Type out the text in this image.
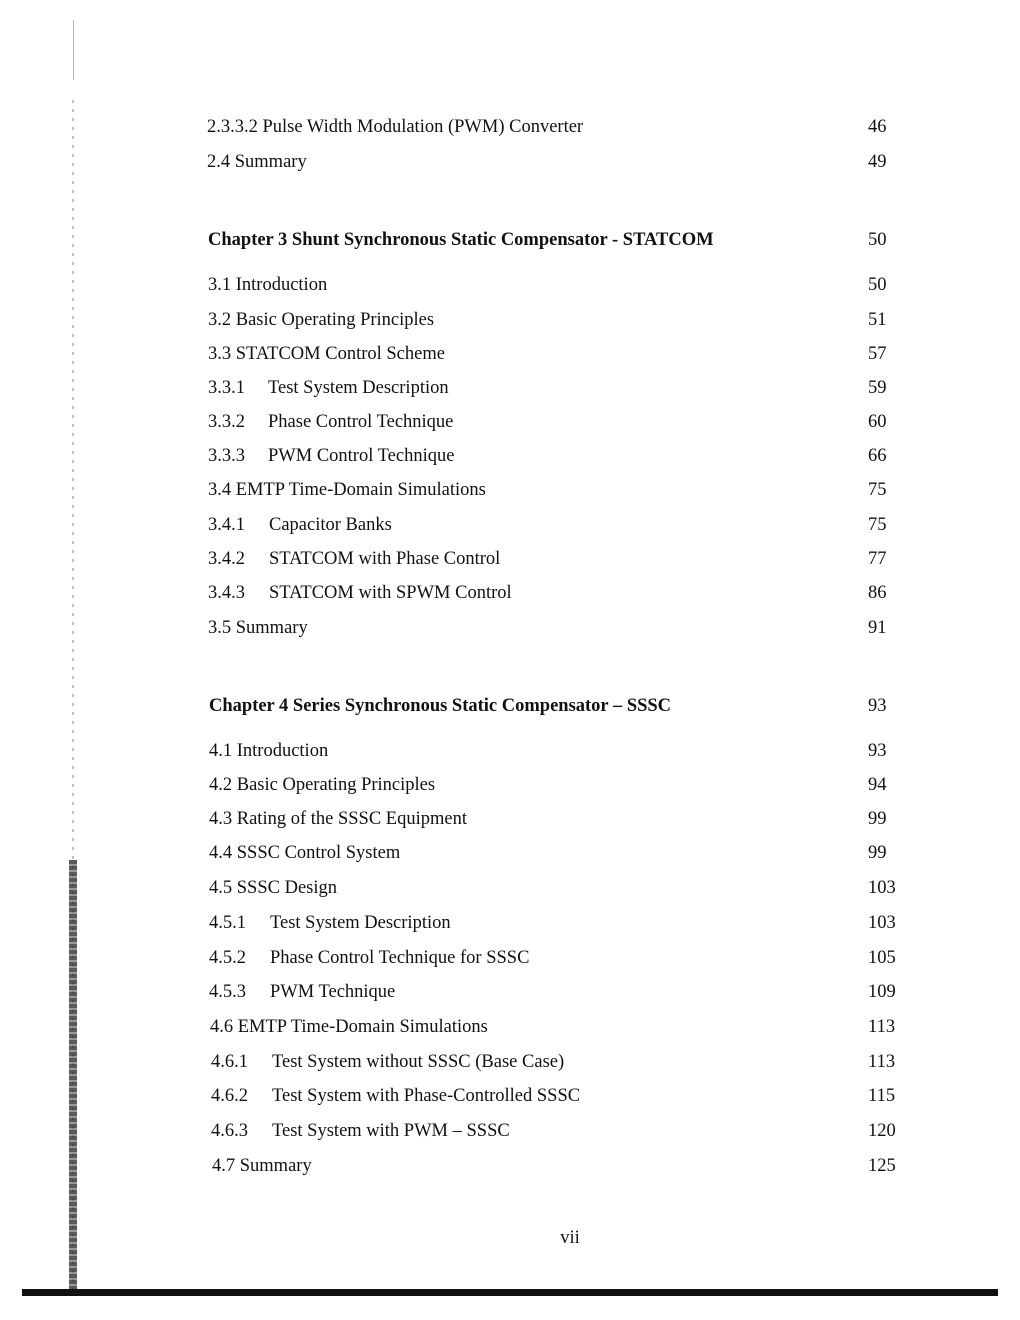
2.3.3.2 Pulse Width Modulation (PWM) Converter	46
2.4 Summary	49
Chapter 3 Shunt Synchronous Static Compensator - STATCOM	50
3.1 Introduction	50
3.2 Basic Operating Principles	51
3.3 STATCOM Control Scheme	57
3.3.1 Test System Description	59
3.3.2 Phase Control Technique	60
3.3.3 PWM Control Technique	66
3.4 EMTP Time-Domain Simulations	75
3.4.1 Capacitor Banks	75
3.4.2 STATCOM with Phase Control	77
3.4.3 STATCOM with SPWM Control	86
3.5 Summary	91
Chapter 4 Series Synchronous Static Compensator – SSSC	93
4.1 Introduction	93
4.2 Basic Operating Principles	94
4.3 Rating of the SSSC Equipment	99
4.4 SSSC Control System	99
4.5 SSSC Design	103
4.5.1 Test System Description	103
4.5.2 Phase Control Technique for SSSC	105
4.5.3 PWM Technique	109
4.6 EMTP Time-Domain Simulations	113
4.6.1 Test System without SSSC (Base Case)	113
4.6.2 Test System with Phase-Controlled SSSC	115
4.6.3 Test System with PWM – SSSC	120
4.7 Summary	125
vii
